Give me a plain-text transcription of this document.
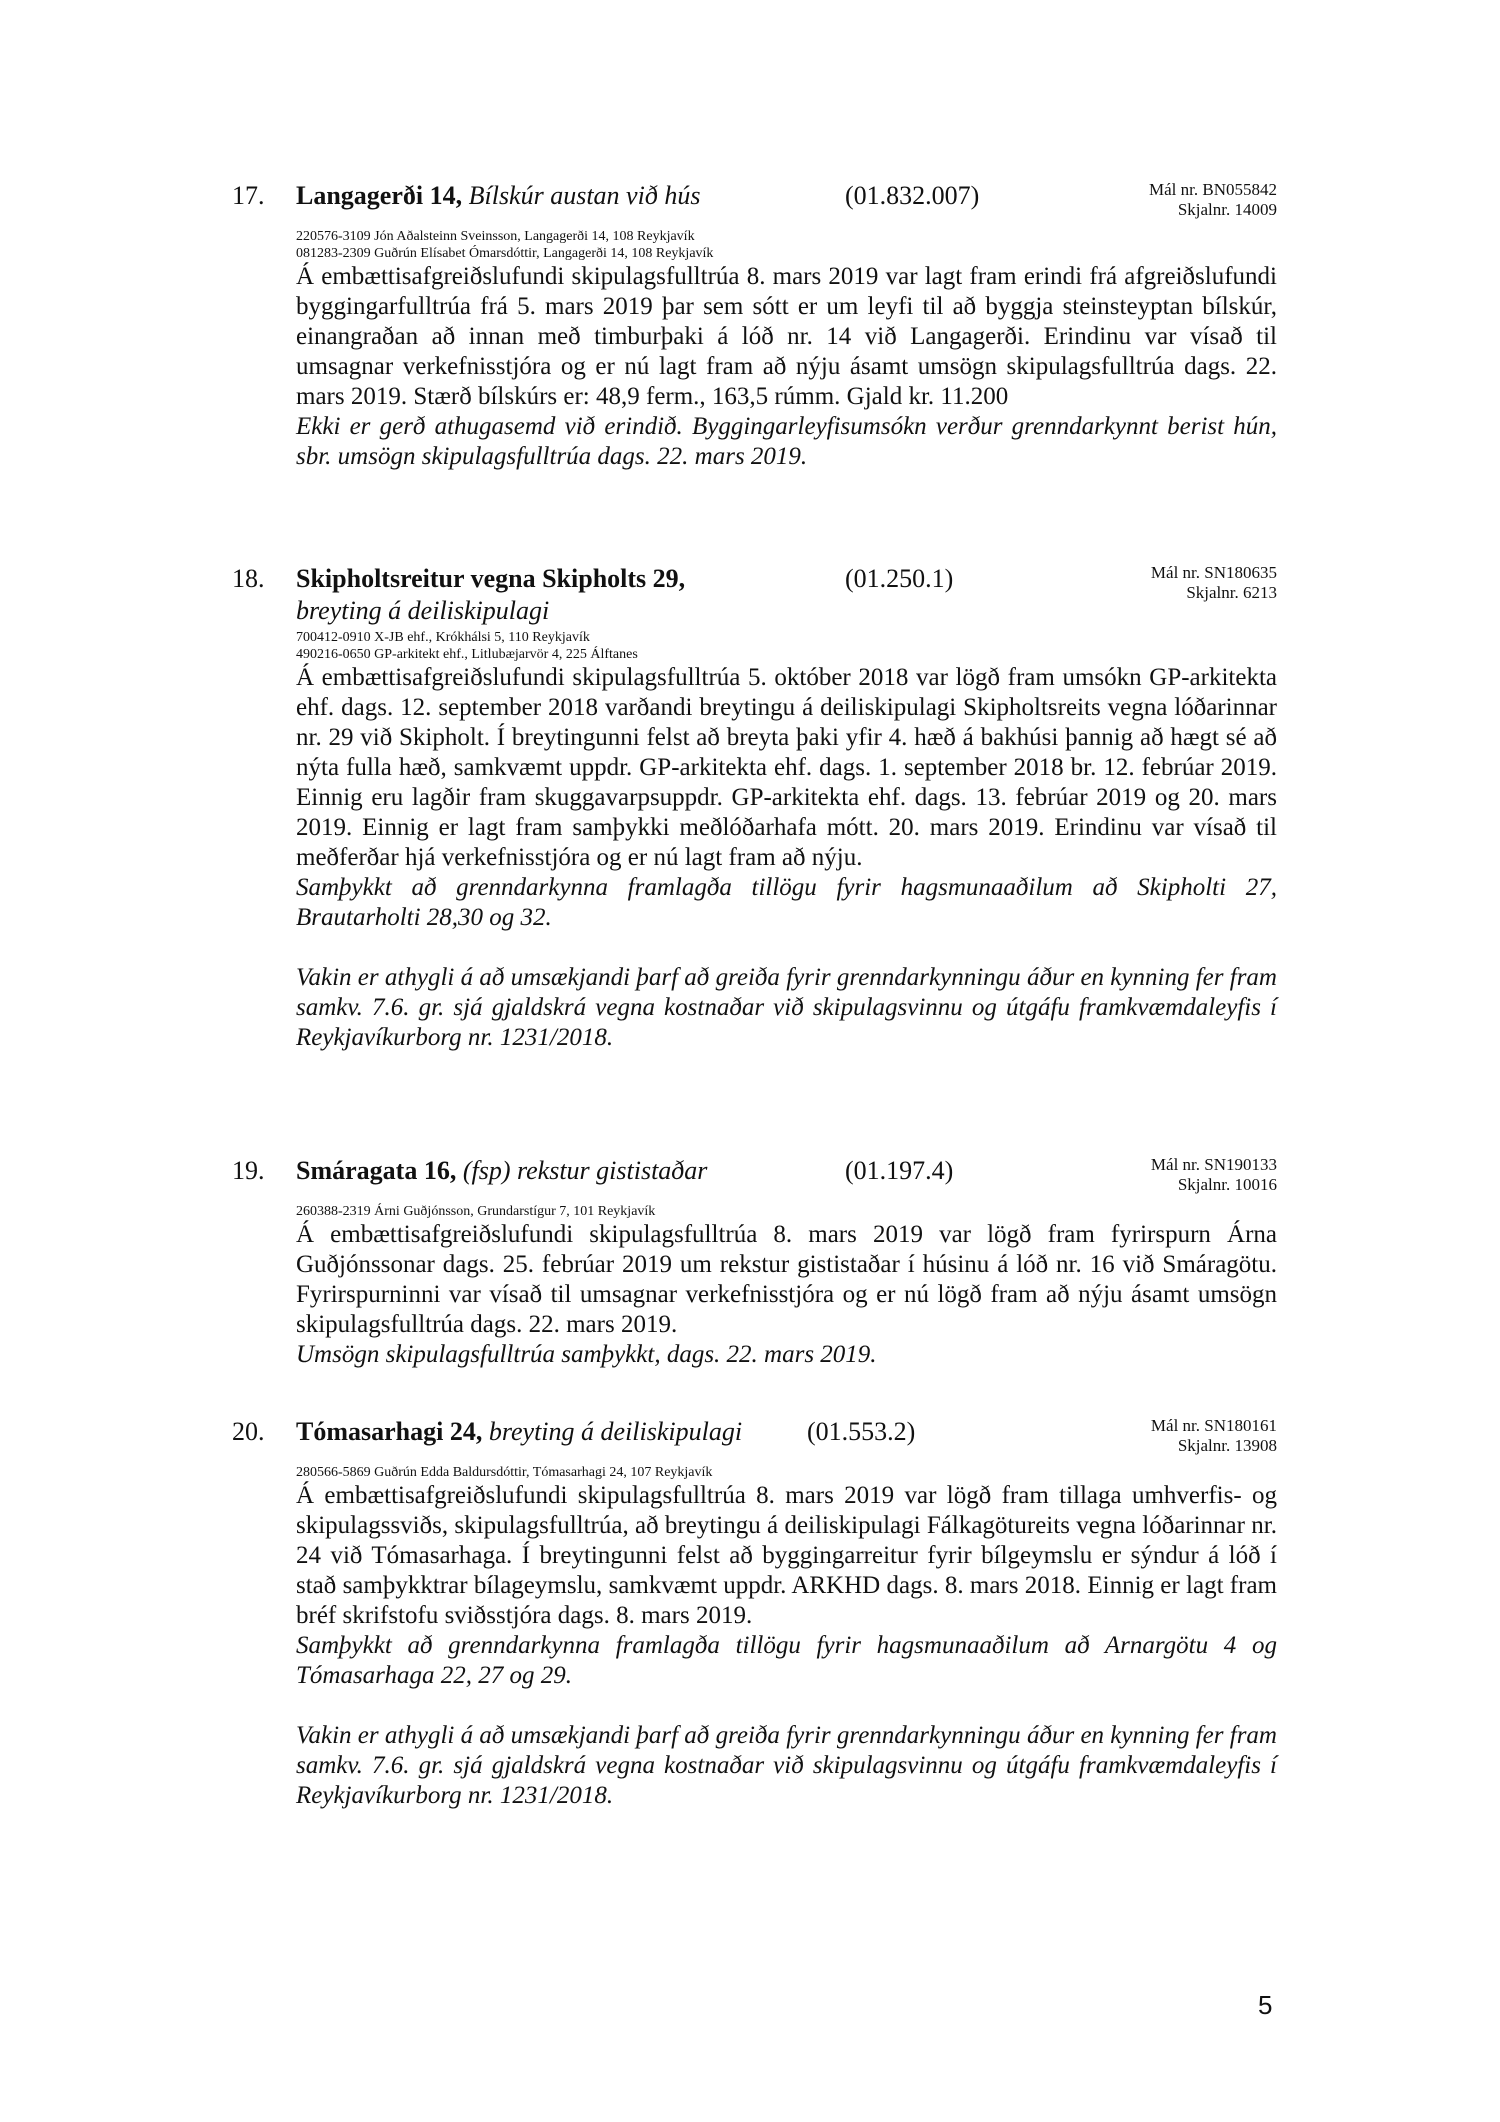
17. Langagerði 14, Bílskúr austan við hús	(01.832.007)	Mál nr. BN055842
Skjalnr. 14009
220576-3109 Jón Aðalsteinn Sveinsson, Langagerði 14, 108 Reykjavík
081283-2309 Guðrún Elísabet Ómarsdóttir, Langagerði 14, 108 Reykjavík

Á embættisafgreiðslufundi skipulagsfulltrúa 8. mars 2019 var lagt fram erindi frá afgreiðslufundi byggingarfulltrúa frá 5. mars 2019 þar sem sótt er um leyfi til að byggja steinsteyptan bílskúr, einangraðan að innan með timburþaki á lóð nr. 14 við Langagerði. Erindinu var vísað til umsagnar verkefnisstjóra og er nú lagt fram að nýju ásamt umsögn skipulagsfulltrúa dags. 22. mars 2019. Stærð bílskúrs er: 48,9 ferm., 163,5 rúmm. Gjald kr. 11.200

Ekki er gerð athugasemd við erindið. Byggingarleyfisumsókn verður grenndarkynnt berist hún, sbr. umsögn skipulagsfulltrúa dags. 22. mars 2019.

18. Skipholtsreitur vegna Skipholts 29,
breyting á deiliskipulagi
(01.250.1)	Mál nr. SN180635
Skjalnr. 6213
700412-0910 X-JB ehf., Krókhálsi 5, 110 Reykjavík
490216-0650 GP-arkitekt ehf., Litlubæjarvör 4, 225 Álftanes

Á embættisafgreiðslufundi skipulagsfulltrúa 5. október 2018 var lögð fram umsókn GP-arkitekta ehf. dags. 12. september 2018 varðandi breytingu á deiliskipulagi Skipholtsreits vegna lóðarinnar nr. 29 við Skipholt. Í breytingunni felst að breyta þaki yfir 4. hæð á bakhúsi þannig að hægt sé að nýta fulla hæð, samkvæmt uppdr. GP-arkitekta ehf. dags. 1. september 2018 br. 12. febrúar 2019. Einnig eru lagðir fram skuggavarpsuppdr. GP-arkitekta ehf. dags. 13. febrúar 2019 og 20. mars 2019. Einnig er lagt fram samþykki meðlóðarhafa mótt. 20. mars 2019. Erindinu var vísað til meðferðar hjá verkefnisstjóra og er nú lagt fram að nýju.

Samþykkt að grenndarkynna framlagða tillögu fyrir hagsmunaaðilum að Skipholti 27, Brautarholti 28,30 og 32.

Vakin er athygli á að umsækjandi þarf að greiða fyrir grenndarkynningu áður en kynning fer fram samkv. 7.6. gr. sjá gjaldskrá vegna kostnaðar við skipulagsvinnu og útgáfu framkvæmdaleyfis í Reykjavíkurborg nr. 1231/2018.

19. Smáragata 16, (fsp) rekstur gististaðar	(01.197.4)	Mál nr. SN190133
Skjalnr. 10016
260388-2319 Árni Guðjónsson, Grundarstígur 7, 101 Reykjavík

Á embættisafgreiðslufundi skipulagsfulltrúa 8. mars 2019 var lögð fram fyrirspurn Árna Guðjónssonar dags. 25. febrúar 2019 um rekstur gististaðar í húsinu á lóð nr. 16 við Smáragötu. Fyrirspurninni var vísað til umsagnar verkefnisstjóra og er nú lögð fram að nýju ásamt umsögn skipulagsfulltrúa dags. 22. mars 2019.

Umsögn skipulagsfulltrúa samþykkt, dags. 22. mars 2019.

20. Tómasarhagi 24, breyting á deiliskipulagi	(01.553.2)	Mál nr. SN180161
Skjalnr. 13908
280566-5869 Guðrún Edda Baldursdóttir, Tómasarhagi 24, 107 Reykjavík

Á embættisafgreiðslufundi skipulagsfulltrúa 8. mars 2019 var lögð fram tillaga umhverfis- og skipulagssviðs, skipulagsfulltrúa, að breytingu á deiliskipulagi Fálkagötureits vegna lóðarinnar nr. 24 við Tómasarhaga. Í breytingunni felst að byggingarreitur fyrir bílgeymslu er sýndur á lóð í stað samþykktrar bílageymslu, samkvæmt uppdr. ARKHD dags. 8. mars 2018. Einnig er lagt fram bréf skrifstofu sviðsstjóra dags. 8. mars 2019.

Samþykkt að grenndarkynna framlagða tillögu fyrir hagsmunaaðilum að Arnargötu 4 og Tómasarhaga 22, 27 og 29.

Vakin er athygli á að umsækjandi þarf að greiða fyrir grenndarkynningu áður en kynning fer fram samkv. 7.6. gr. sjá gjaldskrá vegna kostnaðar við skipulagsvinnu og útgáfu framkvæmdaleyfis í Reykjavíkurborg nr. 1231/2018.

5
